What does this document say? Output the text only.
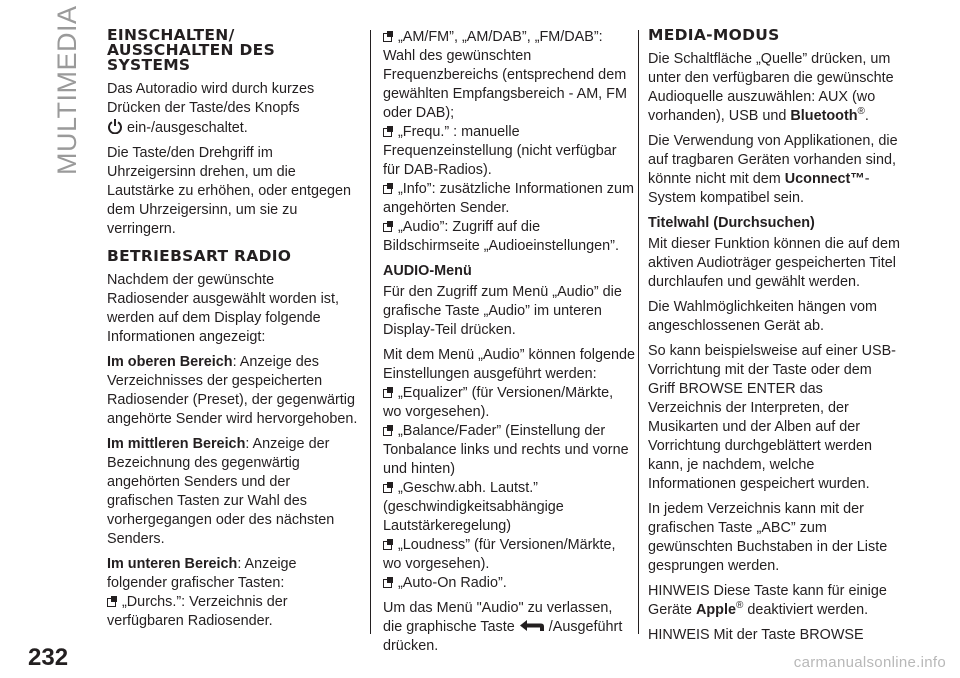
MULTIMEDIA EINSCHALTEN/ AUSSCHALTEN DES SYSTEMS

Das Autoradio wird durch kurzes Drücken der Taste/des Knopfs
ein-/ausgeschaltet.

Die Taste/den Drehgriff im Uhrzeigersinn drehen, um die Lautstärke zu erhöhen, oder entgegen dem Uhrzeigersinn, um sie zu verringern.

BETRIEBSART RADIO

Nachdem der gewünschte Radiosender ausgewählt worden ist, werden auf dem Display folgende Informationen angezeigt:

Im oberen Bereich: Anzeige des Verzeichnisses der gespeicherten Radiosender (Preset), der gegenwärtig angehörte Sender wird hervorgehoben.

Im mittleren Bereich: Anzeige der Bezeichnung des gegenwärtig angehörten Senders und der grafischen Tasten zur Wahl des vorhergegangen oder des nächsten Senders.

Im unteren Bereich: Anzeige folgender grafischer Tasten:

„Durchs.”: Verzeichnis der verfügbaren Radiosender.
„AM/FM”, „AM/DAB”, „FM/DAB”: Wahl des gewünschten Frequenzbereichs (entsprechend dem gewählten Empfangsbereich - AM, FM oder DAB);
„Frequ.” : manuelle Frequenzeinstellung (nicht verfügbar für DAB-Radios).
„Info”: zusätzliche Informationen zum angehörten Sender.
„Audio”: Zugriff auf die Bildschirmseite „Audioeinstellungen”.
AUDIO-Menü

Für den Zugriff zum Menü „Audio” die grafische Taste „Audio” im unteren Display-Teil drücken.

Mit dem Menü „Audio” können folgende Einstellungen ausgeführt werden:

„Equalizer” (für Versionen/Märkte, wo vorgesehen).
„Balance/Fader” (Einstellung der Tonbalance links und rechts und vorne und hinten)
„Geschw.abh. Lautst.” (geschwindigkeitsabhängige Lautstärkeregelung)
„Loudness” (für Versionen/Märkte, wo vorgesehen).
„Auto-On Radio”.

Um das Menü "Audio" zu verlassen, die graphische Taste /Ausgeführt drücken.

MEDIA-MODUS

Die Schaltfläche „Quelle” drücken, um unter den verfügbaren die gewünschte Audioquelle auszuwählen: AUX (wo vorhanden), USB und Bluetooth®.

Die Verwendung von Applikationen, die auf tragbaren Geräten vorhanden sind, könnte nicht mit dem Uconnect™-System kompatibel sein.

Titelwahl (Durchsuchen)

Mit dieser Funktion können die auf dem aktiven Audioträger gespeicherten Titel durchlaufen und gewählt werden.

Die Wahlmöglichkeiten hängen vom angeschlossenen Gerät ab.

So kann beispielsweise auf einer USB-Vorrichtung mit der Taste oder dem Griff BROWSE ENTER das Verzeichnis der Interpreten, der Musikarten und der Alben auf der Vorrichtung durchgeblättert werden kann, je nachdem, welche Informationen gespeichert wurden.

In jedem Verzeichnis kann mit der grafischen Taste „ABC” zum gewünschten Buchstaben in der Liste gesprungen werden.

HINWEIS Diese Taste kann für einige Geräte Apple® deaktiviert werden.

HINWEIS Mit der Taste BROWSE

232	carmanualsonline.info
